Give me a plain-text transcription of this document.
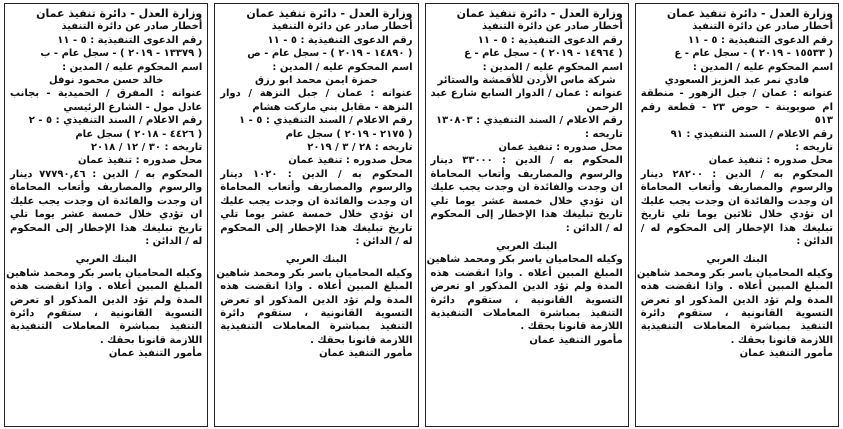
وزارة العدل - دائرة تنفيذ عمان
أخطار صادر عن دائرة التنفيذ
رقم الدعوى التنفيذية : ٥ - ١١
( ١٣٣٧٩ - ٢٠١٩ ) - سجل عام - ب
اسم المحكوم عليه / المدين :
خالد حسن محمود نوفل
عنوانه : المفرق / الحميدية - بجانب عادل مول - الشارع الرئيسي
رقم الاعلام / السند التنفيذي : ٥ - ٢
( ٤٤٢٦ - ٢٠١٨ ) سجل عام
تاريخه : ٣٠ / ١٢ / ٢٠١٨
محل صدوره : تنفيذ عمان
المحكوم به / الدين : ٧٧٧٩٠,٤٦ دينار والرسوم والمصاريف وأتعاب المحاماة ان وجدت والفائدة ان وجدت يجب عليك ان تؤدي خلال خمسة عشر يوما تلي تاريخ تبليغك هذا الإخطار إلى المحكوم له / الدائن :
البنك العربي
وكيله المحاميان ياسر بكر ومحمد شاهين
المبلغ المبين أعلاه . واذا انقضت هذه المدة ولم تؤد الدين المذكور او تعرض التسوية القانونية ، ستقوم دائرة التنفيذ بمباشرة المعاملات التنفيذية اللازمة قانونا بحقك .
مأمور التنفيذ عمان
وزارة العدل - دائرة تنفيذ عمان
أخطار صادر عن دائرة التنفيذ
رقم الدعوى التنفيذية : ٥ - ١١
( ١٤٨٩٠ - ٢٠١٩ ) - سجل عام - ص
اسم المحكوم عليه / المدين :
حمزة ايمن محمد ابو رزق
عنوانه : عمان / جبل النزهة / دوار النزهة - مقابل بني ماركت هشام
رقم الاعلام / السند التنفيذي : ٥ - ١
( ٢١٧٥ - ٢٠١٩ ) سجل عام
تاريخه : ٢٨ / ٣ / ٢٠١٩
محل صدوره : تنفيذ عمان
المحكوم به / الدين : ١٠٢٠ دينار والرسوم والمصاريف وأتعاب المحاماة ان وجدت والفائدة ان وجدت يجب عليك ان تؤدي خلال خمسة عشر يوما تلي تاريخ تبليغك هذا الإخطار إلى المحكوم له / الدائن :
البنك العربي
وكيله المحاميان ياسر بكر ومحمد شاهين
المبلغ المبين أعلاه . واذا انقضت هذه المدة ولم تؤد الدين المذكور او تعرض التسوية القانونية ، ستقوم دائرة التنفيذ بمباشرة المعاملات التنفيذية اللازمة قانونا بحقك .
مأمور التنفيذ عمان
وزارة العدل - دائرة تنفيذ عمان
أخطار صادر عن دائرة التنفيذ
رقم الدعوى التنفيذية : ٥ - ١١
( ١٤٩٦٤ - ٢٠١٩ ) - سجل عام - ع
اسم المحكوم عليه / المدين :
شركة ماس الأردن للأقمشة والستائر
عنوانه : عمان / الدوار السابع شارع عبد الرحمن
رقم الاعلام / السند التنفيذي : ١٣٠٨٠٣
تاريخه :
محل صدوره : تنفيذ عمان
المحكوم به / الدين : ٣٣٠٠٠ دينار والرسوم والمصاريف وأتعاب المحاماة ان وجدت والفائدة ان وجدت يجب عليك ان تؤدي خلال خمسة عشر يوما تلي تاريخ تبليغك هذا الإخطار إلى المحكوم له / الدائن :
البنك العربي
وكيله المحاميان ياسر بكر ومحمد شاهين
المبلغ المبين أعلاه . واذا انقضت هذه المدة ولم تؤد الدين المذكور او تعرض التسوية القانونية ، ستقوم دائرة التنفيذ بمباشرة المعاملات التنفيذية اللازمة قانونا بحقك .
مأمور التنفيذ عمان
وزارة العدل - دائرة تنفيذ عمان
أخطار صادر عن دائرة التنفيذ
رقم الدعوى التنفيذية : ٥ - ١١
( ١٥٥٣٣ - ٢٠١٩ ) - سجل عام - ع
اسم المحكوم عليه / المدين :
فادي نمر عبد العزيز السعودي
عنوانه : عمان / جبل الزهور - منطقة ام صويوينة - حوض ٢٣ - قطعة رقم ٥١٣
رقم الاعلام / السند التنفيذي : ٩١
تاريخه :
محل صدوره : تنفيذ عمان
المحكوم به / الدين : ٢٨٢٠٠ دينار والرسوم والمصاريف وأتعاب المحاماة ان وجدت والفائدة ان وجدت يجب عليك ان تؤدي خلال ثلاثين يوما تلي تاريخ تبليغك هذا الإخطار إلى المحكوم له / الدائن :
البنك العربي
وكيله المحاميان ياسر بكر ومحمد شاهين
المبلغ المبين أعلاه . واذا انقضت هذه المدة ولم تؤد الدين المذكور او تعرض التسوية القانونية ، ستقوم دائرة التنفيذ بمباشرة المعاملات التنفيذية اللازمة قانونا بحقك .
مأمور التنفيذ عمان
